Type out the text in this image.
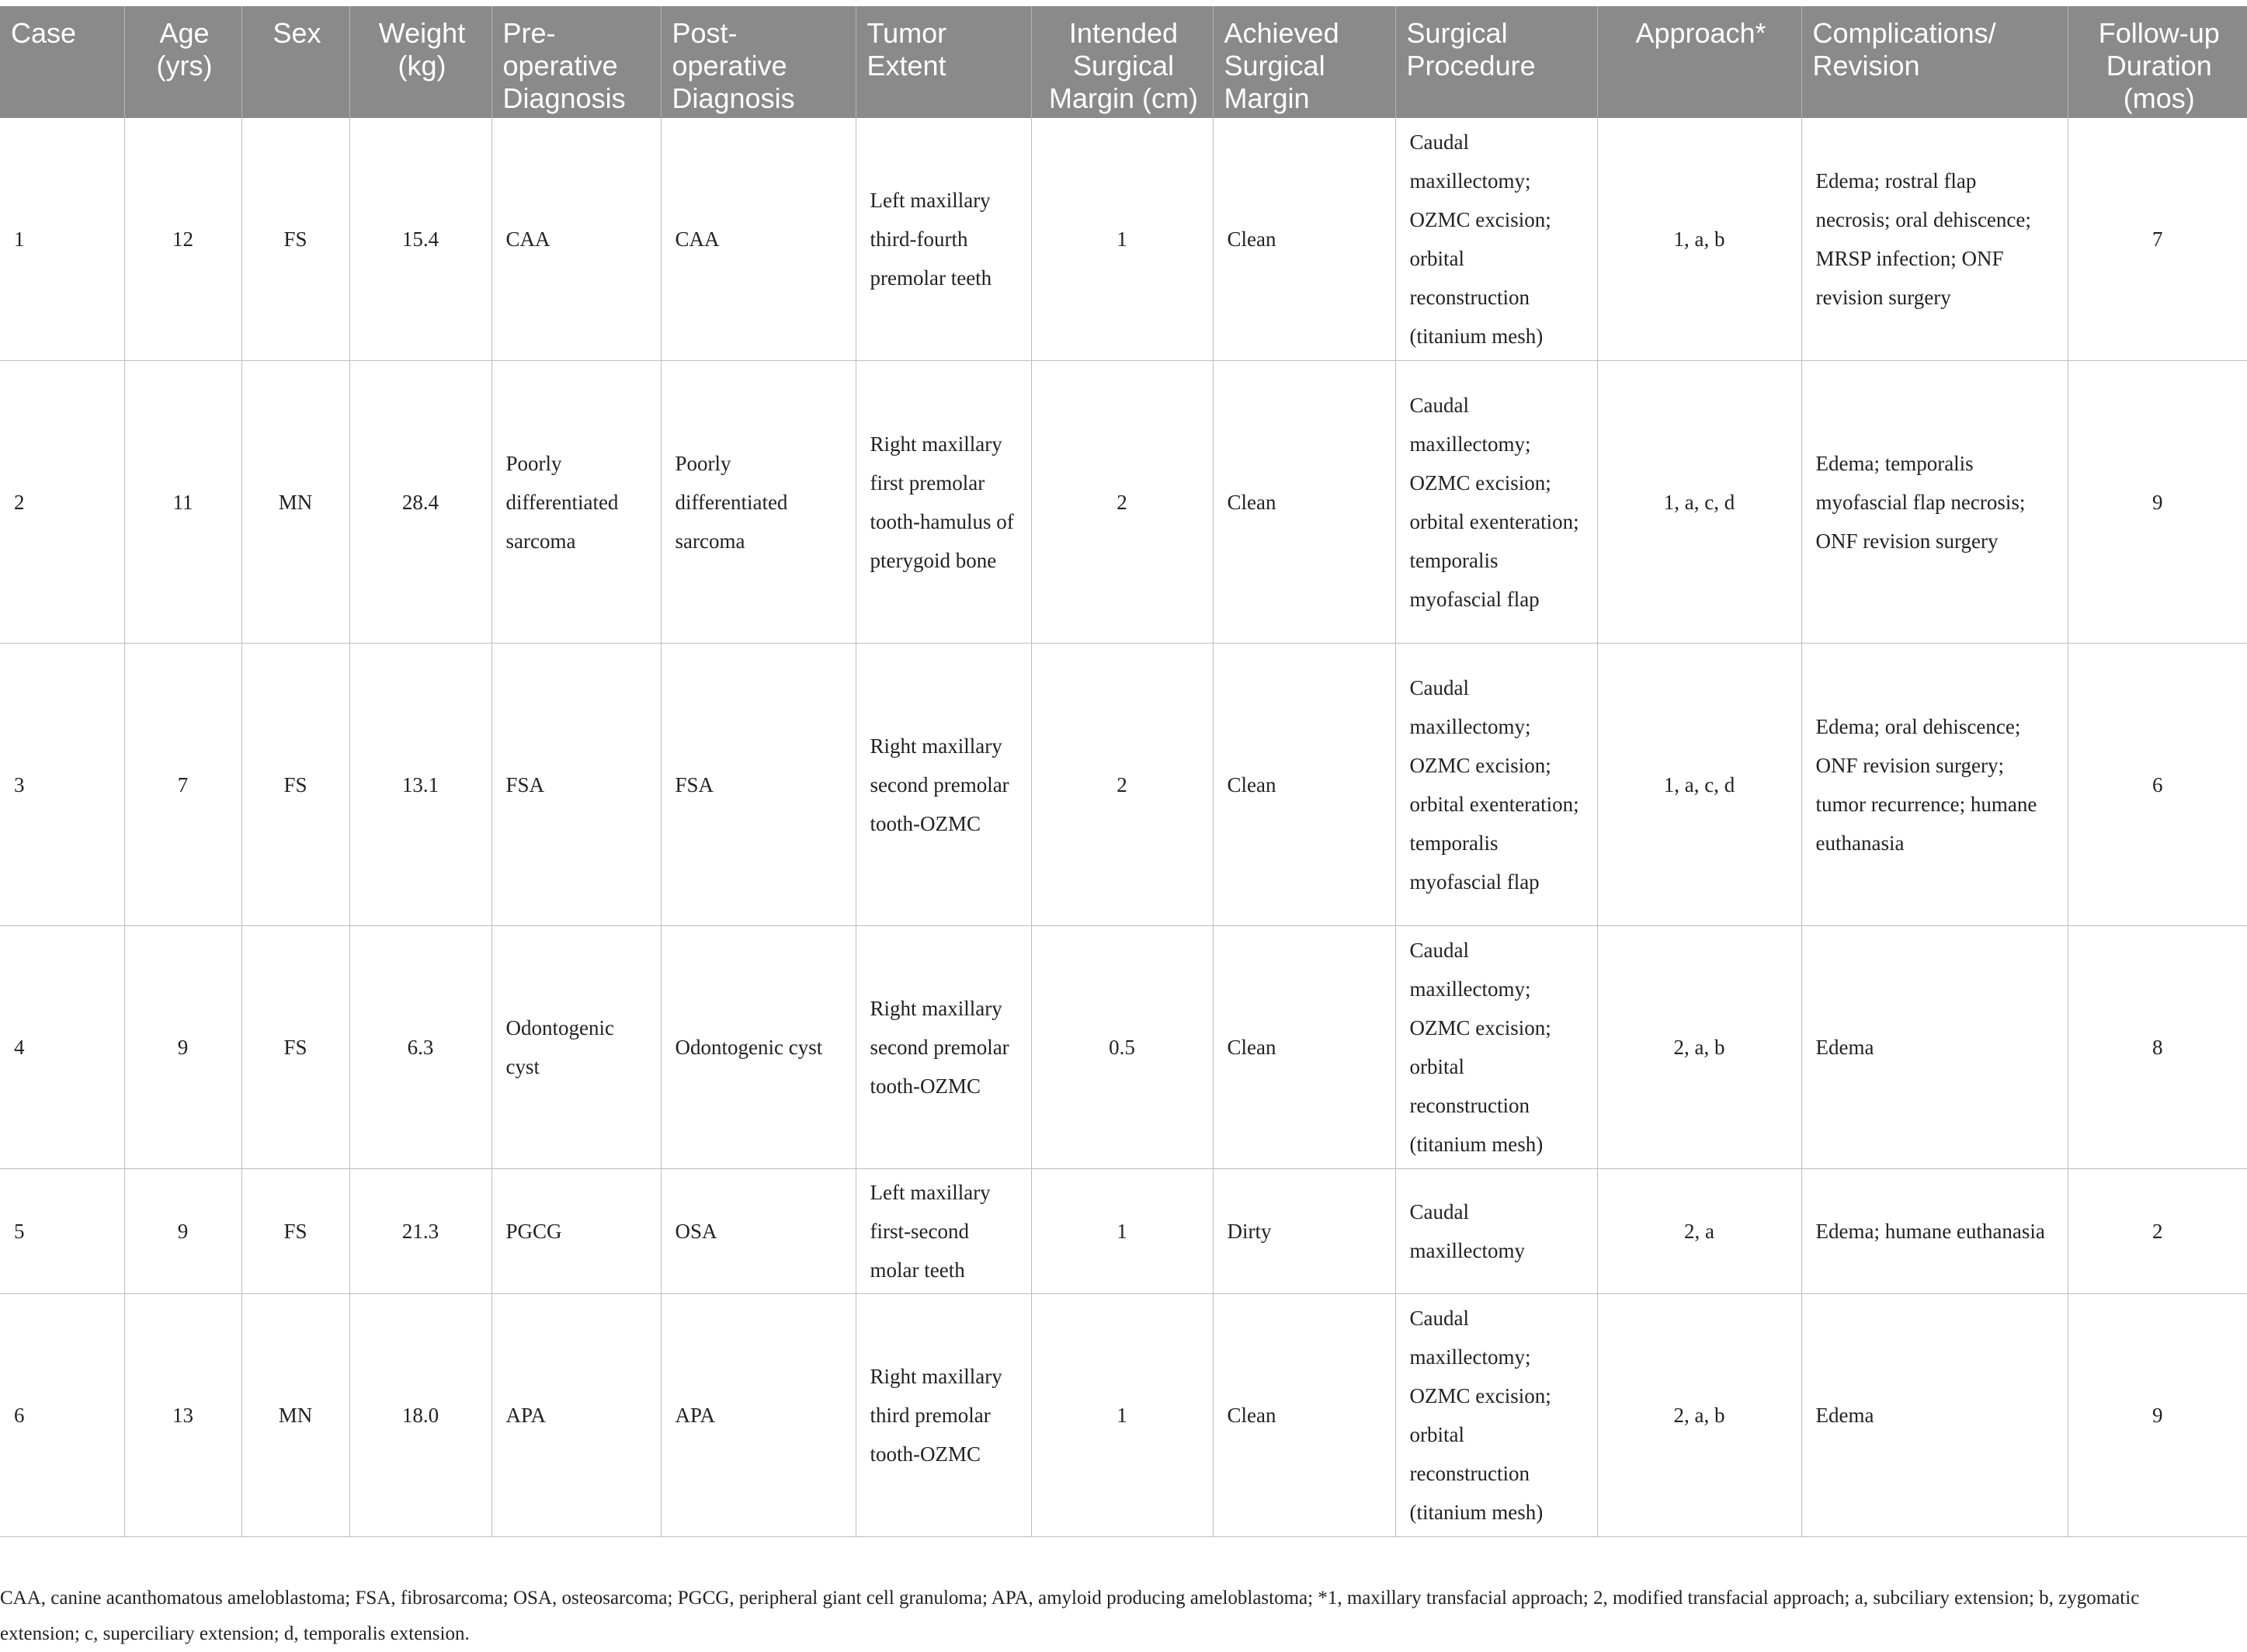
Case	Age (yrs)	Sex	Weight (kg)	Pre-operative Diagnosis	Post-operative Diagnosis	Tumor Extent	Intended Surgical Margin (cm)	Achieved Surgical Margin	Surgical Procedure	Approach*	Complications/ Revision	Follow-up Duration (mos)
1	12	FS	15.4	CAA	CAA	Left maxillary third-fourth premolar teeth	1	Clean	Caudal maxillectomy; OZMC excision; orbital reconstruction (titanium mesh)	1, a, b	Edema; rostral flap necrosis; oral dehiscence; MRSP infection; ONF revision surgery	7
2	11	MN	28.4	Poorly differentiated sarcoma	Poorly differentiated sarcoma	Right maxillary first premolar tooth-hamulus of pterygoid bone	2	Clean	Caudal maxillectomy; OZMC excision; orbital exenteration; temporalis myofascial flap	1, a, c, d	Edema; temporalis myofascial flap necrosis; ONF revision surgery	9
3	7	FS	13.1	FSA	FSA	Right maxillary second premolar tooth-OZMC	2	Clean	Caudal maxillectomy; OZMC excision; orbital exenteration; temporalis myofascial flap	1, a, c, d	Edema; oral dehiscence; ONF revision surgery; tumor recurrence; humane euthanasia	6
4	9	FS	6.3	Odontogenic cyst	Odontogenic cyst	Right maxillary second premolar tooth-OZMC	0.5	Clean	Caudal maxillectomy; OZMC excision; orbital reconstruction (titanium mesh)	2, a, b	Edema	8
5	9	FS	21.3	PGCG	OSA	Left maxillary first-second molar teeth	1	Dirty	Caudal maxillectomy	2, a	Edema; humane euthanasia	2
6	13	MN	18.0	APA	APA	Right maxillary third premolar tooth-OZMC	1	Clean	Caudal maxillectomy; OZMC excision; orbital reconstruction (titanium mesh)	2, a, b	Edema	9
CAA, canine acanthomatous ameloblastoma; FSA, fibrosarcoma; OSA, osteosarcoma; PGCG, peripheral giant cell granuloma; APA, amyloid producing ameloblastoma; *1, maxillary transfacial approach; 2, modified transfacial approach; a, subciliary extension; b, zygomatic extension; c, superciliary extension; d, temporalis extension.
